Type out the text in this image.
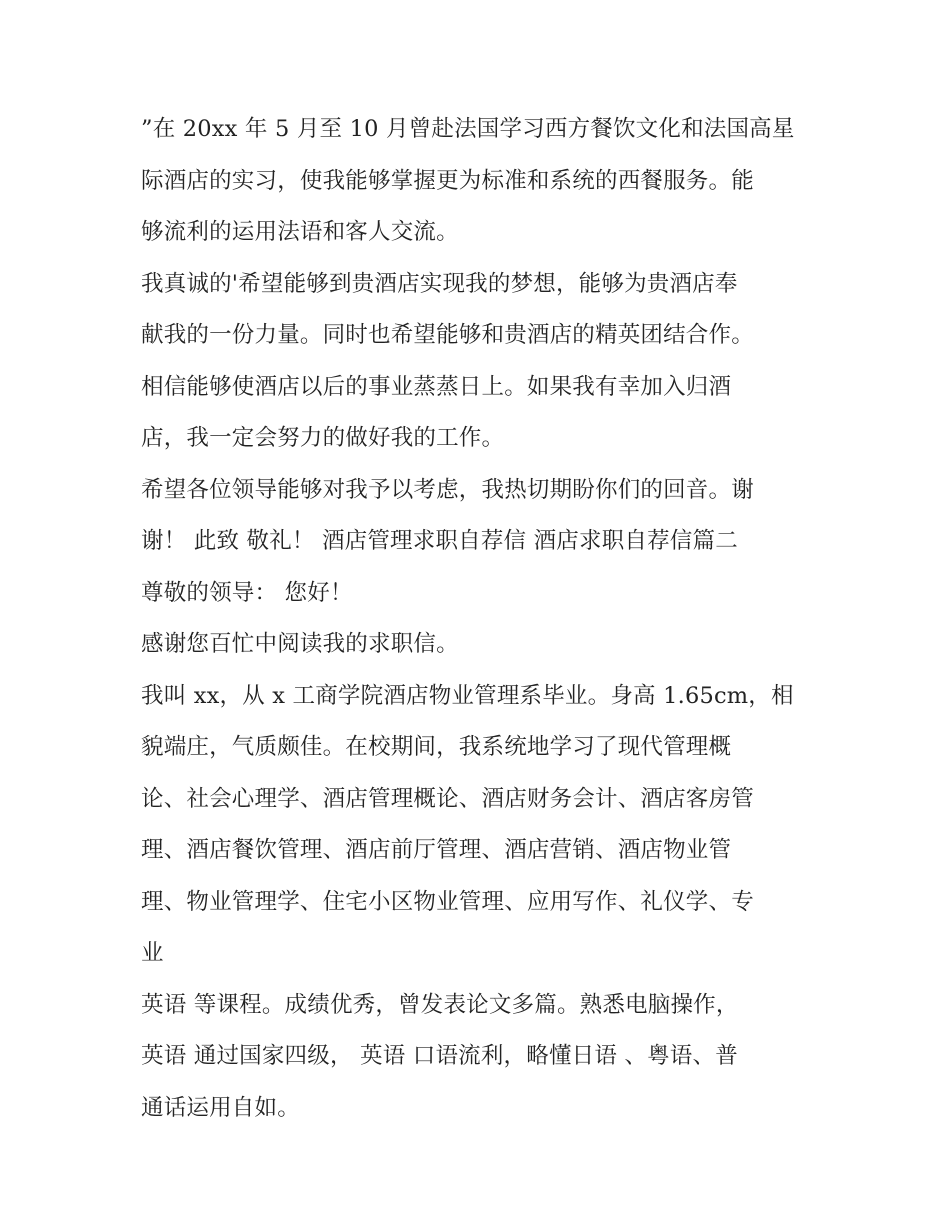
”在 20xx 年 5 月至 10 月曾赴法国学习西方餐饮文化和法国高星
际酒店的实习，使我能够掌握更为标准和系统的西餐服务。能
够流利的运用法语和客人交流。
我真诚的'希望能够到贵酒店实现我的梦想，能够为贵酒店奉
献我的一份力量。同时也希望能够和贵酒店的精英团结合作。
相信能够使酒店以后的事业蒸蒸日上。如果我有幸加入归酒
店，我一定会努力的做好我的工作。
希望各位领导能够对我予以考虑，我热切期盼你们的回音。谢
谢！ 此致 敬礼！ 酒店管理求职自荐信 酒店求职自荐信篇二
尊敬的领导： 您好！
感谢您百忙中阅读我的求职信。
我叫 xx，从 x 工商学院酒店物业管理系毕业。身高 1.65cm，相
貌端庄，气质颇佳。在校期间，我系统地学习了现代管理概
论、社会心理学、酒店管理概论、酒店财务会计、酒店客房管
理、酒店餐饮管理、酒店前厅管理、酒店营销、酒店物业管
理、物业管理学、住宅小区物业管理、应用写作、礼仪学、专
业
英语 等课程。成绩优秀，曾发表论文多篇。熟悉电脑操作，
英语 通过国家四级， 英语 口语流利，略懂日语 、粤语、普
通话运用自如。
